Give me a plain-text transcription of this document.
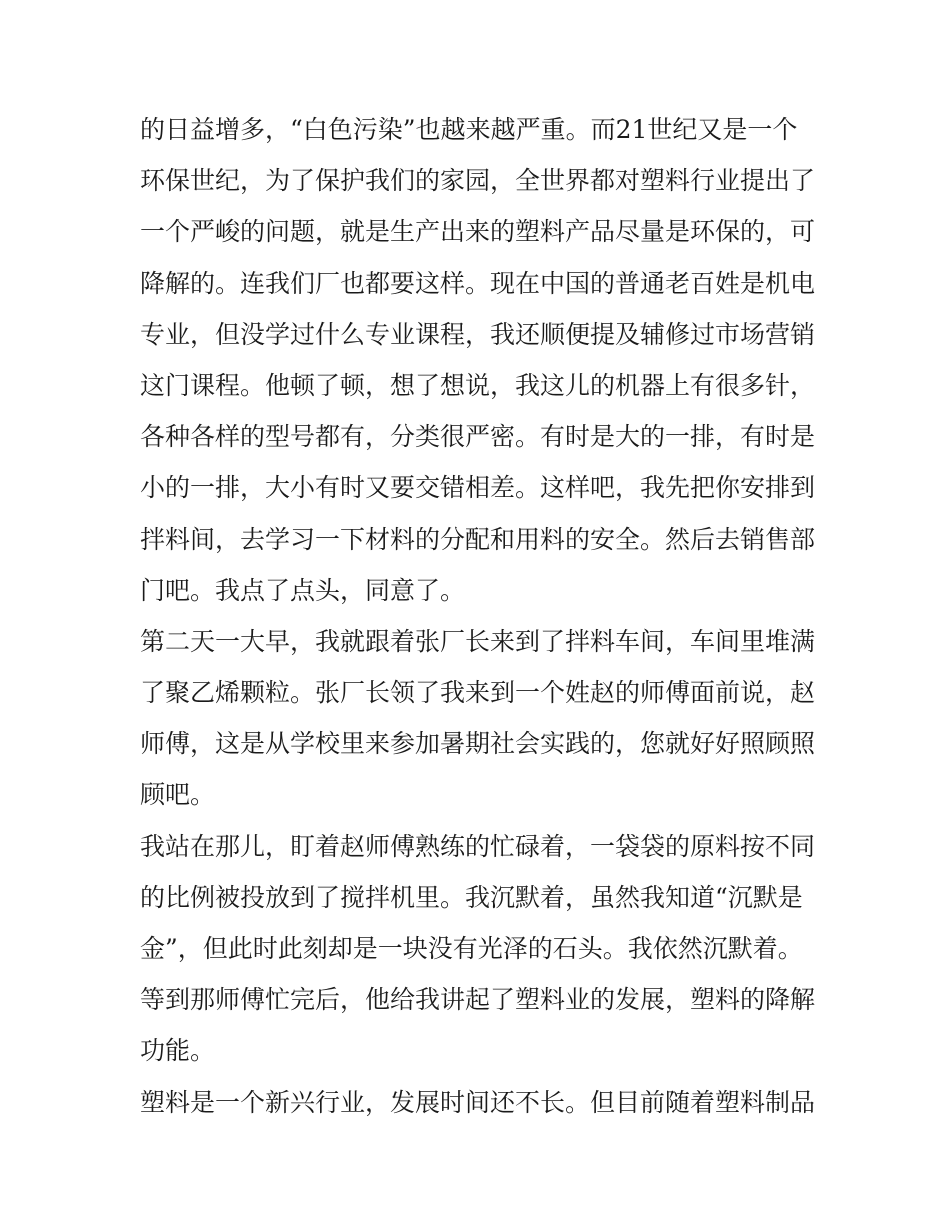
的日益增多，“白色污染”也越来越严重。而21世纪又是一个
环保世纪，为了保护我们的家园，全世界都对塑料行业提出了
一个严峻的问题，就是生产出来的塑料产品尽量是环保的，可
降解的。连我们厂也都要这样。现在中国的普通老百姓是机电
专业，但没学过什么专业课程，我还顺便提及辅修过市场营销
这门课程。他顿了顿，想了想说，我这儿的机器上有很多针，
各种各样的型号都有，分类很严密。有时是大的一排，有时是
小的一排，大小有时又要交错相差。这样吧，我先把你安排到
拌料间，去学习一下材料的分配和用料的安全。然后去销售部
门吧。我点了点头，同意了。
第二天一大早，我就跟着张厂长来到了拌料车间，车间里堆满
了聚乙烯颗粒。张厂长领了我来到一个姓赵的师傅面前说，赵
师傅，这是从学校里来参加暑期社会实践的，您就好好照顾照
顾吧。
我站在那儿，盯着赵师傅熟练的忙碌着，一袋袋的原料按不同
的比例被投放到了搅拌机里。我沉默着，虽然我知道“沉默是
金”，但此时此刻却是一块没有光泽的石头。我依然沉默着。
等到那师傅忙完后，他给我讲起了塑料业的发展，塑料的降解
功能。
塑料是一个新兴行业，发展时间还不长。但目前随着塑料制品
